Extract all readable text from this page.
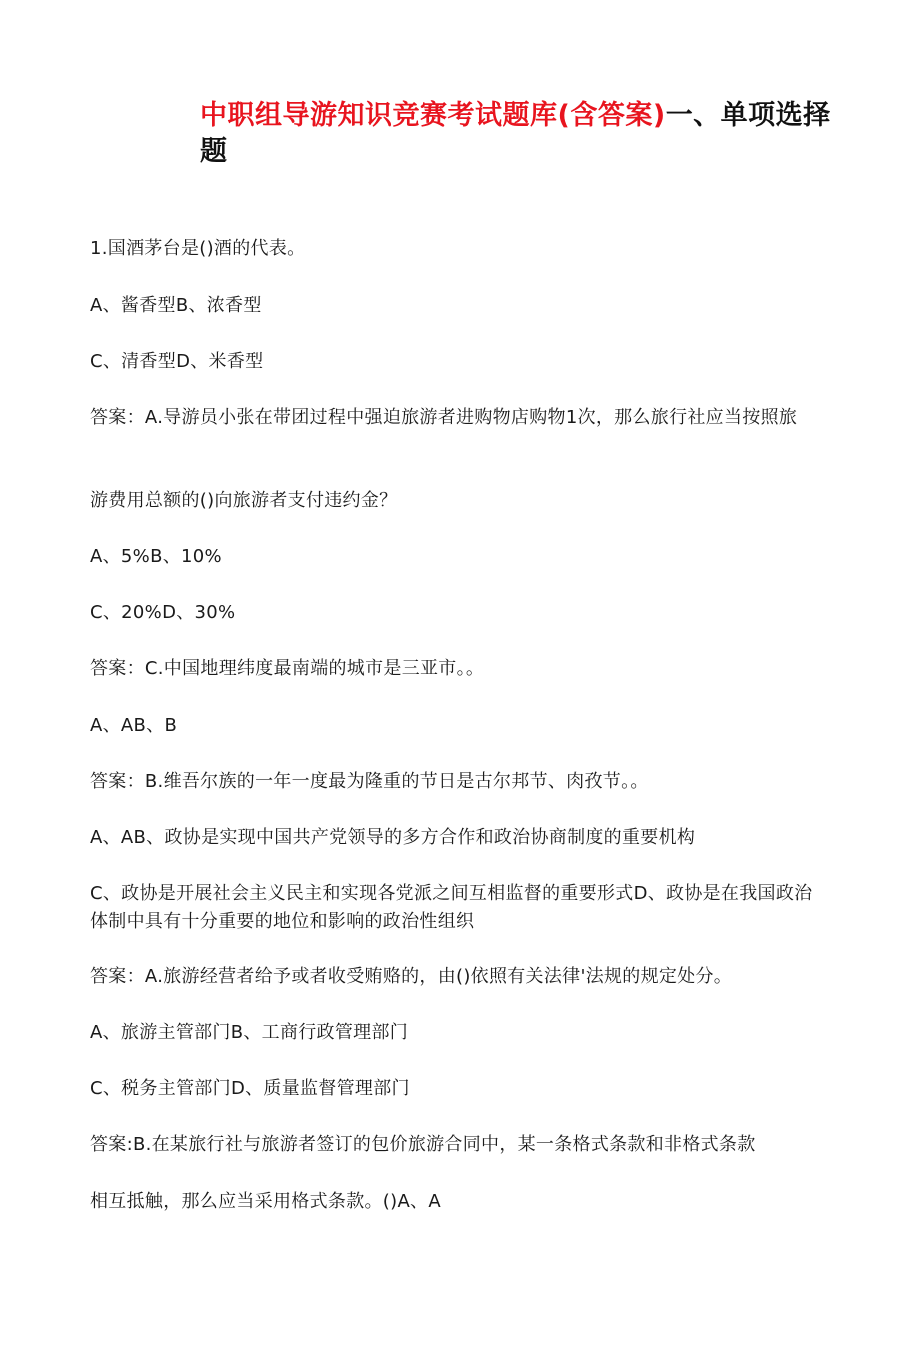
中职组导游知识竞赛考试题库(含答案)一、单项选择题
1.国酒茅台是()酒的代表。
A、酱香型B、浓香型
C、清香型D、米香型
答案：A.导游员小张在带团过程中强迫旅游者进购物店购物1次，那么旅行社应当按照旅
游费用总额的()向旅游者支付违约金？
A、5%B、10%
C、20%D、30%
答案：C.中国地理纬度最南端的城市是三亚市。。
A、AB、B
答案：B.维吾尔族的一年一度最为隆重的节日是古尔邦节、肉孜节。。
A、AB、政协是实现中国共产党领导的多方合作和政治协商制度的重要机构
C、政协是开展社会主义民主和实现各党派之间互相监督的重要形式D、政协是在我国政治体制中具有十分重要的地位和影响的政治性组织
答案：A.旅游经营者给予或者收受贿赂的，由()依照有关法律'法规的规定处分。
A、旅游主管部门B、工商行政管理部门
C、税务主管部门D、质量监督管理部门
答案:B.在某旅行社与旅游者签订的包价旅游合同中，某一条格式条款和非格式条款
相互抵触，那么应当采用格式条款。()A、A
